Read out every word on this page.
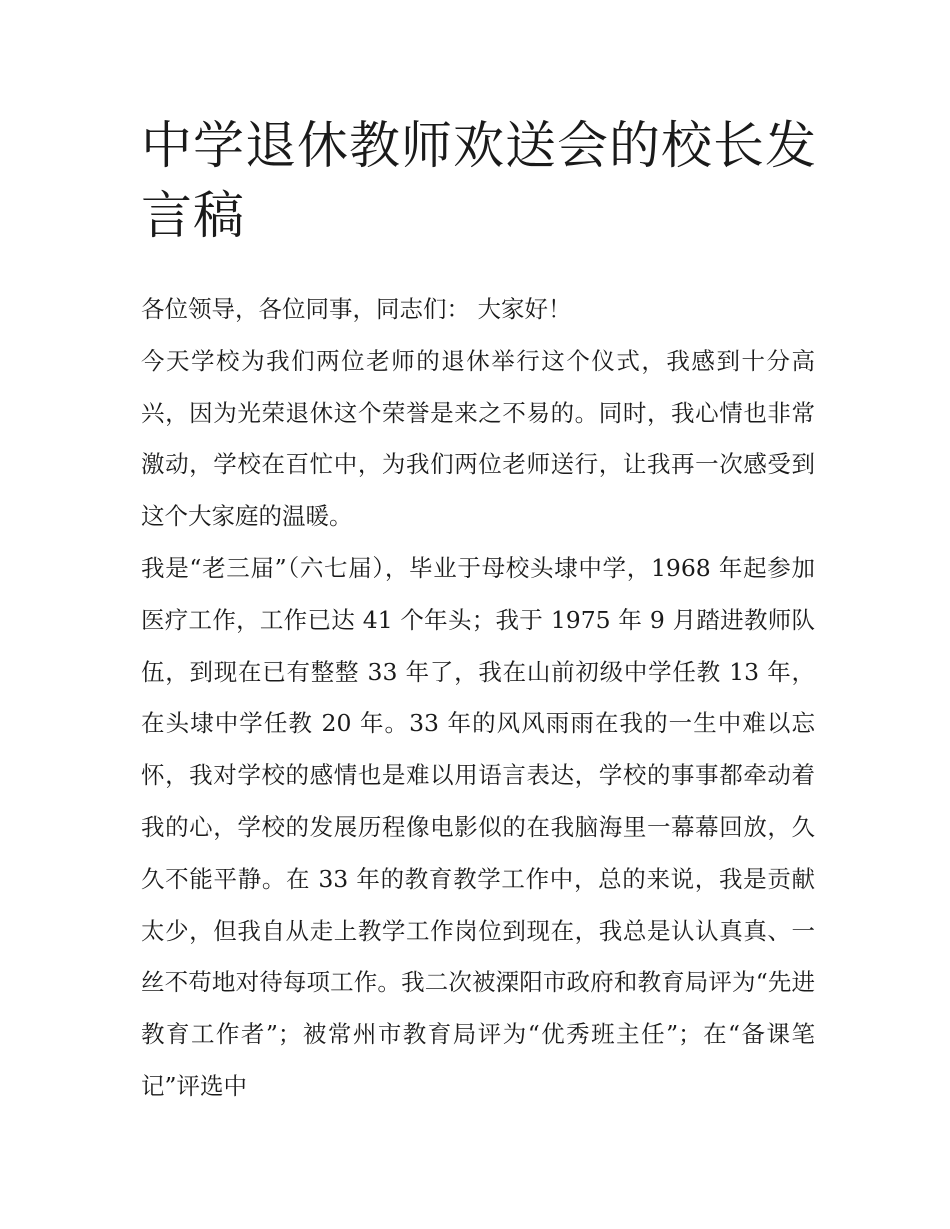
中学退休教师欢送会的校长发言稿

各位领导，各位同事，同志们： 大家好！

今天学校为我们两位老师的退休举行这个仪式，我感到十分高兴，因为光荣退休这个荣誉是来之不易的。同时，我心情也非常激动，学校在百忙中，为我们两位老师送行，让我再一次感受到这个大家庭的温暖。

我是“老三届”（六七届），毕业于母校头埭中学，1968 年起参加医疗工作，工作已达 41 个年头；我于 1975 年 9 月踏进教师队伍，到现在已有整整 33 年了，我在山前初级中学任教 13 年，在头埭中学任教 20 年。33 年的风风雨雨在我的一生中难以忘怀，我对学校的感情也是难以用语言表达，学校的事事都牵动着我的心，学校的发展历程像电影似的在我脑海里一幕幕回放，久久不能平静。在 33 年的教育教学工作中，总的来说，我是贡献太少，但我自从走上教学工作岗位到现在，我总是认认真真、一丝不苟地对待每项工作。我二次被溧阳市政府和教育局评为“先进教育工作者”；被常州市教育局评为“优秀班主任”；在“备课笔记”评选中
